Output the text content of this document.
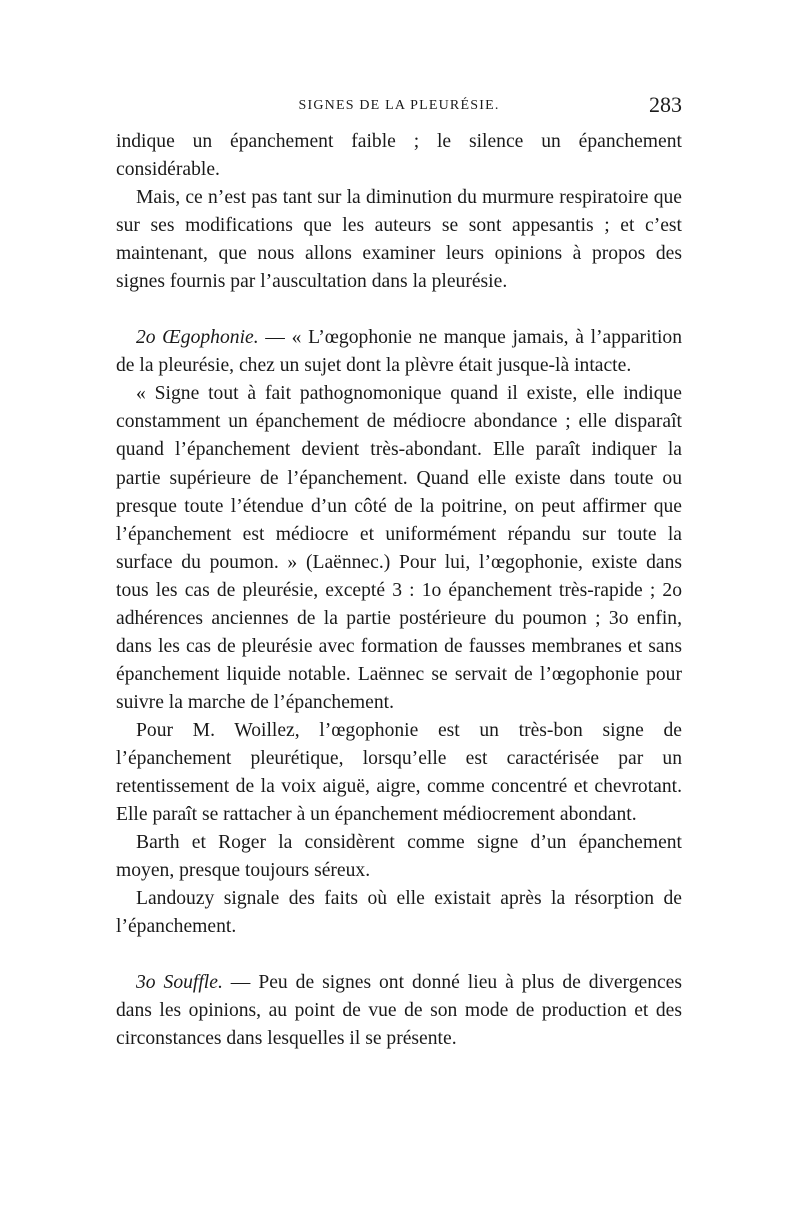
SIGNES DE LA PLEURÉSIE.	283

indique un épanchement faible ; le silence un épanchement considérable.

Mais, ce n’est pas tant sur la diminution du murmure respiratoire que sur ses modifications que les auteurs se sont appesantis ; et c’est maintenant, que nous allons examiner leurs opinions à propos des signes fournis par l’auscultation dans la pleurésie.

2o Œgophonie. — « L’œgophonie ne manque jamais, à l’apparition de la pleurésie, chez un sujet dont la plèvre était jusque-là intacte.

« Signe tout à fait pathognomonique quand il existe, elle indique constamment un épanchement de médiocre abondance ; elle disparaît quand l’épanchement devient très-abondant. Elle paraît indiquer la partie supérieure de l’épanchement. Quand elle existe dans toute ou presque toute l’étendue d’un côté de la poitrine, on peut affirmer que l’épanchement est médiocre et uniformément répandu sur toute la surface du poumon. » (Laënnec.) Pour lui, l’œgophonie, existe dans tous les cas de pleurésie, excepté 3 : 1o épanchement très-rapide ; 2o adhérences anciennes de la partie postérieure du poumon ; 3o enfin, dans les cas de pleurésie avec formation de fausses membranes et sans épanchement liquide notable. Laënnec se servait de l’œgophonie pour suivre la marche de l’épanchement.

Pour M. Woillez, l’œgophonie est un très-bon signe de l’épanchement pleurétique, lorsqu’elle est caractérisée par un retentissement de la voix aiguë, aigre, comme concentré et chevrotant. Elle paraît se rattacher à un épanchement médiocrement abondant.

Barth et Roger la considèrent comme signe d’un épanchement moyen, presque toujours séreux.

Landouzy signale des faits où elle existait après la résorption de l’épanchement.

3o Souffle. — Peu de signes ont donné lieu à plus de divergences dans les opinions, au point de vue de son mode de production et des circonstances dans lesquelles il se présente.
